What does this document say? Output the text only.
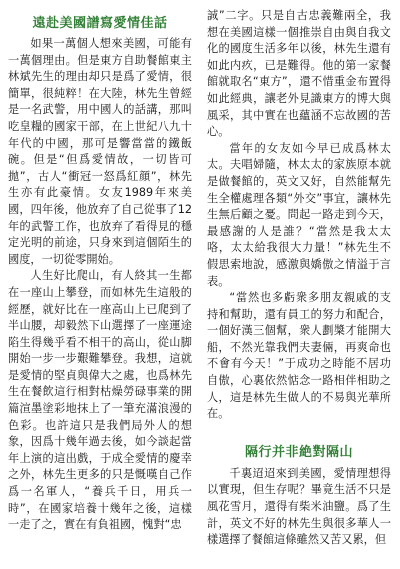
遠赴美國譜寫愛情佳話

如果一萬個人想來美國，可能有一萬個理由。但是東方自助餐館東主林斌先生的理由却只是爲了愛情，很簡單，很純粹！在大陸，林先生曾經是一名武警，用中國人的話講，那叫吃皇糧的國家干部，在上世紀八九十年代的中國，那可是響當當的鐵飯碗。但是“但爲愛情故，一切皆可拋”，古人“衝冠一怒爲紅顔”，林先生亦有此豪情。女友1989年來美國，四年後，他放弃了自己從事了12年的武警工作，也放弃了看得見的穩定光明的前途，只身來到這個陌生的國度，一切從零開始。

人生好比爬山，有人終其一生都在一座山上攀登，而如林先生這般的經歷，就好比在一座高山上已爬到了半山腰，却毅然下山選擇了一座運途陷生得幾乎看不相干的高山，從山脚開始一步一步艱難攀登。我想，這就是愛情的堅貞與偉大之處，也爲林先生在餐飲這行相對枯燥勞碌事業的開篇渲墨塗彩地抹上了一筆充滿浪漫的色彩。也許這只是我們局外人的想象，因爲十幾年過去後，如今談起當年上演的這出戲，于成全愛情的慶幸之外，林先生更多的只是慨嘆自己作爲一名軍人，“養兵千日，用兵一時”，在國家培養十幾年之後，這樣一走了之，實在有負祖國，愧對“忠

誠”二字。只是自古忠義難兩全，我想在美國這樣一個推崇自由與自我文化的國度生活多年以後，林先生還有如此内疚，已是難得。他的第一家餐館就取名“東方”，還不惜重金布置得如此經典，讓老外見識東方的博大與風采，其中實在也蘊涵不忘故國的苦心。

當年的女友如今早已成爲林太太。夫唱婦隨，林太太的家族原本就是做餐館的，英文又好，自然能幫先生全權處理各類“外交”事宜，讓林先生無后顧之憂。問起一路走到今天，最感謝的人是誰？“當然是我太太咯，太太給我很大力量！”林先生不假思索地說，感激與嬌傲之情溢于言表。

“當然也多虧衆多朋友親戚的支持和幫助，還有員工的努力和配合，一個好漢三個幫，衆人劃槳才能開大船，不然光靠我們夫妻倆，再爽命也不會有今天！”于成功之時能不居功自傲，心裏依然惦念一路相伴相助之人，這是林先生做人的不易與光華所在。

隔行并非絶對隔山

千裏迢迢來到美國，愛情理想得以實現，但生存呢？畢竟生活不只是風花雪月，還得有柴米油鹽。爲了生計，英文不好的林先生與很多華人一樣選擇了餐館這條雖然又苦又累，但
